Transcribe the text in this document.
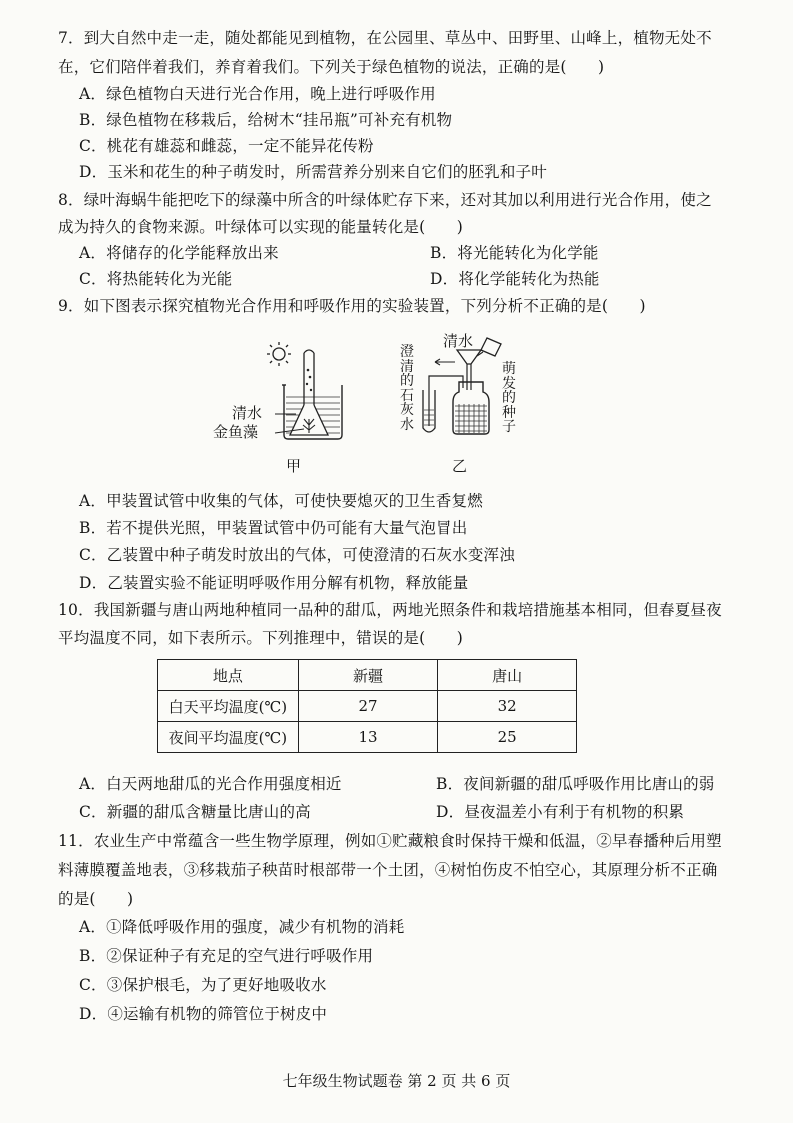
7．到大自然中走一走，随处都能见到植物，在公园里、草丛中、田野里、山峰上，植物无处不
在，它们陪伴着我们，养育着我们。下列关于绿色植物的说法，正确的是(　　)
A．绿色植物白天进行光合作用，晚上进行呼吸作用
B．绿色植物在移栽后，给树木“挂吊瓶”可补充有机物
C．桃花有雄蕊和雌蕊，一定不能异花传粉
D．玉米和花生的种子萌发时，所需营养分别来自它们的胚乳和子叶
8．绿叶海蜗牛能把吃下的绿藻中所含的叶绿体贮存下来，还对其加以利用进行光合作用，使之
成为持久的食物来源。叶绿体可以实现的能量转化是(　　)
A．将储存的化学能释放出来	B．将光能转化为化学能
C．将热能转化为光能	D．将化学能转化为热能
9．如下图表示探究植物光合作用和呼吸作用的实验装置，下列分析不正确的是(　　)
清水
金鱼藻
甲
清水
澄
清
的
石
灰
水
萌
发
的
种
子
乙
A．甲装置试管中收集的气体，可使快要熄灭的卫生香复燃
B．若不提供光照，甲装置试管中仍可能有大量气泡冒出
C．乙装置中种子萌发时放出的气体，可使澄清的石灰水变浑浊
D．乙装置实验不能证明呼吸作用分解有机物，释放能量
10．我国新疆与唐山两地种植同一品种的甜瓜，两地光照条件和栽培措施基本相同，但春夏昼夜
平均温度不同，如下表所示。下列推理中，错误的是(　　)
地点	新疆	唐山
白天平均温度(℃)	27	32
夜间平均温度(℃)	13	25
A．白天两地甜瓜的光合作用强度相近	B．夜间新疆的甜瓜呼吸作用比唐山的弱
C．新疆的甜瓜含糖量比唐山的高	D．昼夜温差小有利于有机物的积累
11．农业生产中常蕴含一些生物学原理，例如①贮藏粮食时保持干燥和低温，②早春播种后用塑
料薄膜覆盖地表，③移栽茄子秧苗时根部带一个土团，④树怕伤皮不怕空心，其原理分析不正确
的是(　　)
A．①降低呼吸作用的强度，减少有机物的消耗
B．②保证种子有充足的空气进行呼吸作用
C．③保护根毛，为了更好地吸收水
D．④运输有机物的筛管位于树皮中
七年级生物试题卷 第 2 页 共 6 页
